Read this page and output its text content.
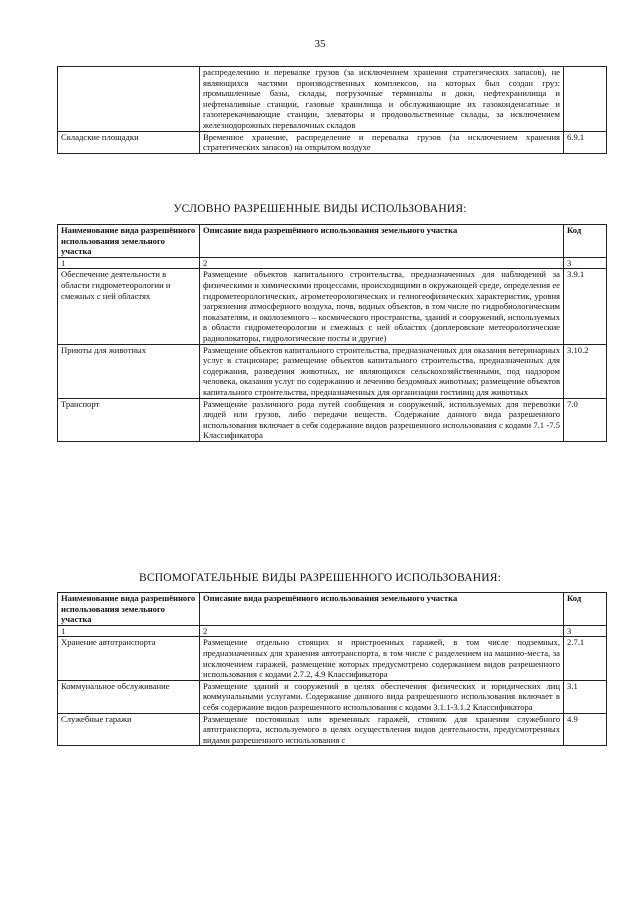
35
	распределению и перевалке грузов (за исключением хранения стратегических запасов), не являющихся частями производственных комплексов, на которых был создан груз: промышленные базы, склады, погрузочные терминалы и доки, нефтехранилища и нефтеналивные станции, газовые хранилища и обслуживающие их газоконденсатные и газоперекачивающие станции, элеваторы и продовольственные склады, за исключением железнодорожных перевалочных складов	
Складские площадки	Временное хранение, распределение и перевалка грузов (за исключением хранения стратегических запасов) на открытом воздухе	6.9.1
УСЛОВНО РАЗРЕШЕННЫЕ ВИДЫ ИСПОЛЬЗОВАНИЯ:
Наименование вида разрешённого использования земельного участка	Описание вида разрешённого использования земельного участка	Код
1	2	3
Обеспечение деятельности в области гидрометеорологии и смежных с ней областях	Размещение объектов капитального строительства, предназначенных для наблюдений за физическими и химическими процессами, происходящими в окружающей среде, определения ее гидрометеорологических, агрометеорологических и гелиогеофизических характеристик, уровня загрязнения атмосферного воздуха, почв, водных объектов, в том числе по гидробиологическим показателям, и околоземного – космического пространства, зданий и сооружений, используемых в области гидрометеорологии и смежных с ней областях (доплеровские метеорологические радиолокаторы, гидрологические посты и другие)	3.9.1
Приюты для животных	Размещение объектов капитального строительства, предназначенных для оказания ветеринарных услуг в стационаре; размещение объектов капитального строительства, предназначенных для содержания, разведения животных, не являющихся сельскохозяйственными, под надзором человека, оказания услуг по содержанию и лечению бездомных животных; размещение объектов капитального строительства, предназначенных для организации гостиниц для животных	3.10.2
Транспорт	Размещение различного рода путей сообщения и сооружений, используемых для перевозки людей или грузов, либо передачи веществ. Содержание данного вида разрешенного использования включает в себя содержание видов разрешенного использования с кодами 7.1 -7.5 Классификатора	7.0
ВСПОМОГАТЕЛЬНЫЕ ВИДЫ РАЗРЕШЕННОГО ИСПОЛЬЗОВАНИЯ:
Наименование вида разрешённого использования земельного участка	Описание вида разрешённого использования земельного участка	Код
1	2	3
Хранение автотранспорта	Размещение отдельно стоящих и пристроенных гаражей, в том числе подземных, предназначенных для хранения автотранспорта, в том числе с разделением на машино-места, за исключением гаражей, размещение которых предусмотрено содержанием видов разрешенного использования с кодами 2.7.2, 4.9 Классификатора	2.7.1
Коммунальное обслуживание	Размещение зданий и сооружений в целях обеспечения физических и юридических лиц коммунальными услугами. Содержание данного вида разрешенного использования включает в себя содержание видов разрешенного использования с кодами 3.1.1-3.1.2 Классификатора	3.1
Служебные гаражи	Размещение постоянных или временных гаражей, стоянок для хранения служебного автотранспорта, используемого в целях осуществления видов деятельности, предусмотренных видами разрешенного использования с	4.9
